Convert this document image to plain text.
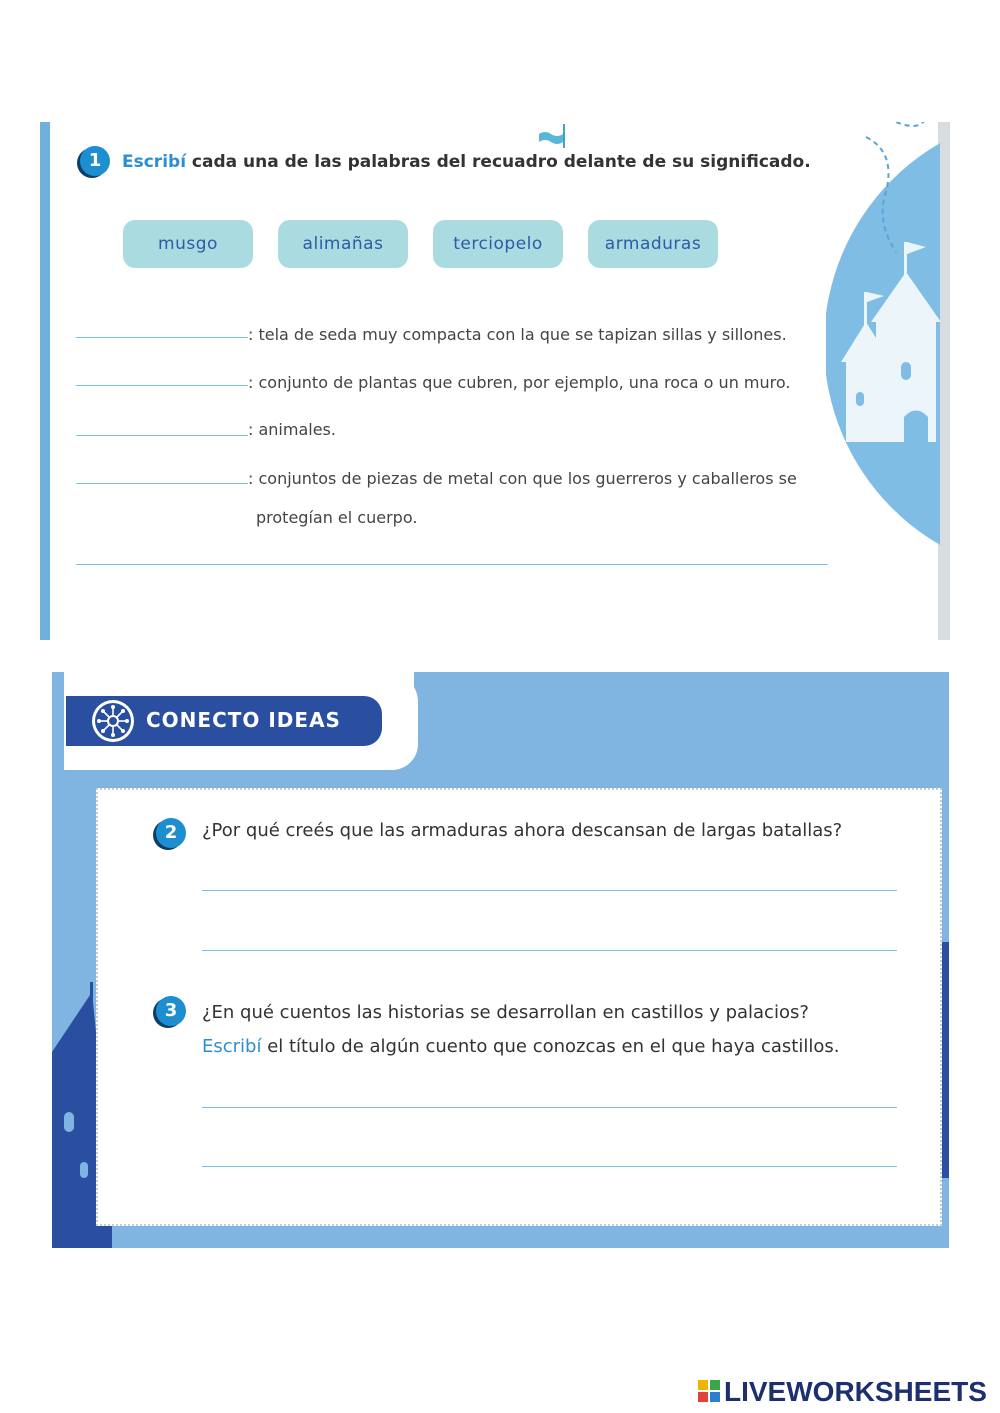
1	Escribí cada una de las palabras del recuadro delante de su significado.
musgo	alimañas	terciopelo	armaduras
: tela de seda muy compacta con la que se tapizan sillas y sillones.
: conjunto de plantas que cubren, por ejemplo, una roca o un muro.
: animales.
: conjuntos de piezas de metal con que los guerreros y caballeros se
protegían el cuerpo.
CONECTO IDEAS
2	¿Por qué creés que las armaduras ahora descansan de largas batallas?
3	¿En qué cuentos las historias se desarrollan en castillos y palacios?
Escribí el título de algún cuento que conozcas en el que haya castillos.
LIVEWORKSHEETS
